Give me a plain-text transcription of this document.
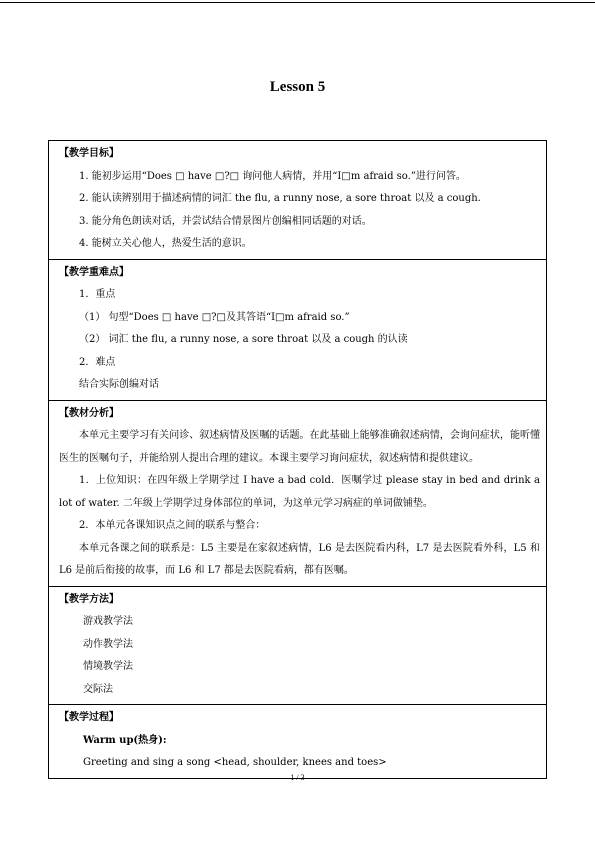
Lesson 5
【教学目标】
1. 能初步运用“Does □ have □?□ 询问他人病情，并用“I□m afraid so.”进行问答。
2. 能认读辨别用于描述病情的词汇 the flu, a runny nose, a sore throat 以及 a cough.
3. 能分角色朗读对话，并尝试结合情景图片创编相同话题的对话。
4. 能树立关心他人，热爱生活的意识。

【教学重难点】
1．重点
（1） 句型“Does □ have □?□及其答语“I□m afraid so.”
（2） 词汇 the flu, a runny nose, a sore throat 以及 a cough 的认读
2．难点
结合实际创编对话

【教材分析】
本单元主要学习有关问诊、叙述病情及医嘱的话题。在此基础上能够准确叙述病情，会询问症状，能听懂医生的医嘱句子，并能给别人提出合理的建议。本课主要学习询问症状，叙述病情和提供建议。
1．上位知识：在四年级上学期学过 I have a bad cold．医嘱学过 please stay in bed and drink a lot of water. 二年级上学期学过身体部位的单词，为这单元学习病症的单词做铺垫。
2．本单元各课知识点之间的联系与整合：
本单元各课之间的联系是：L5 主要是在家叙述病情，L6 是去医院看内科，L7 是去医院看外科，L5 和 L6 是前后衔接的故事，而 L6 和 L7 都是去医院看病，都有医嘱。

【教学方法】
游戏教学法
动作教学法
情境教学法
交际法

【教学过程】
Warm up(热身):
Greeting and sing a song <head, shoulder, knees and toes>
1 / 3
